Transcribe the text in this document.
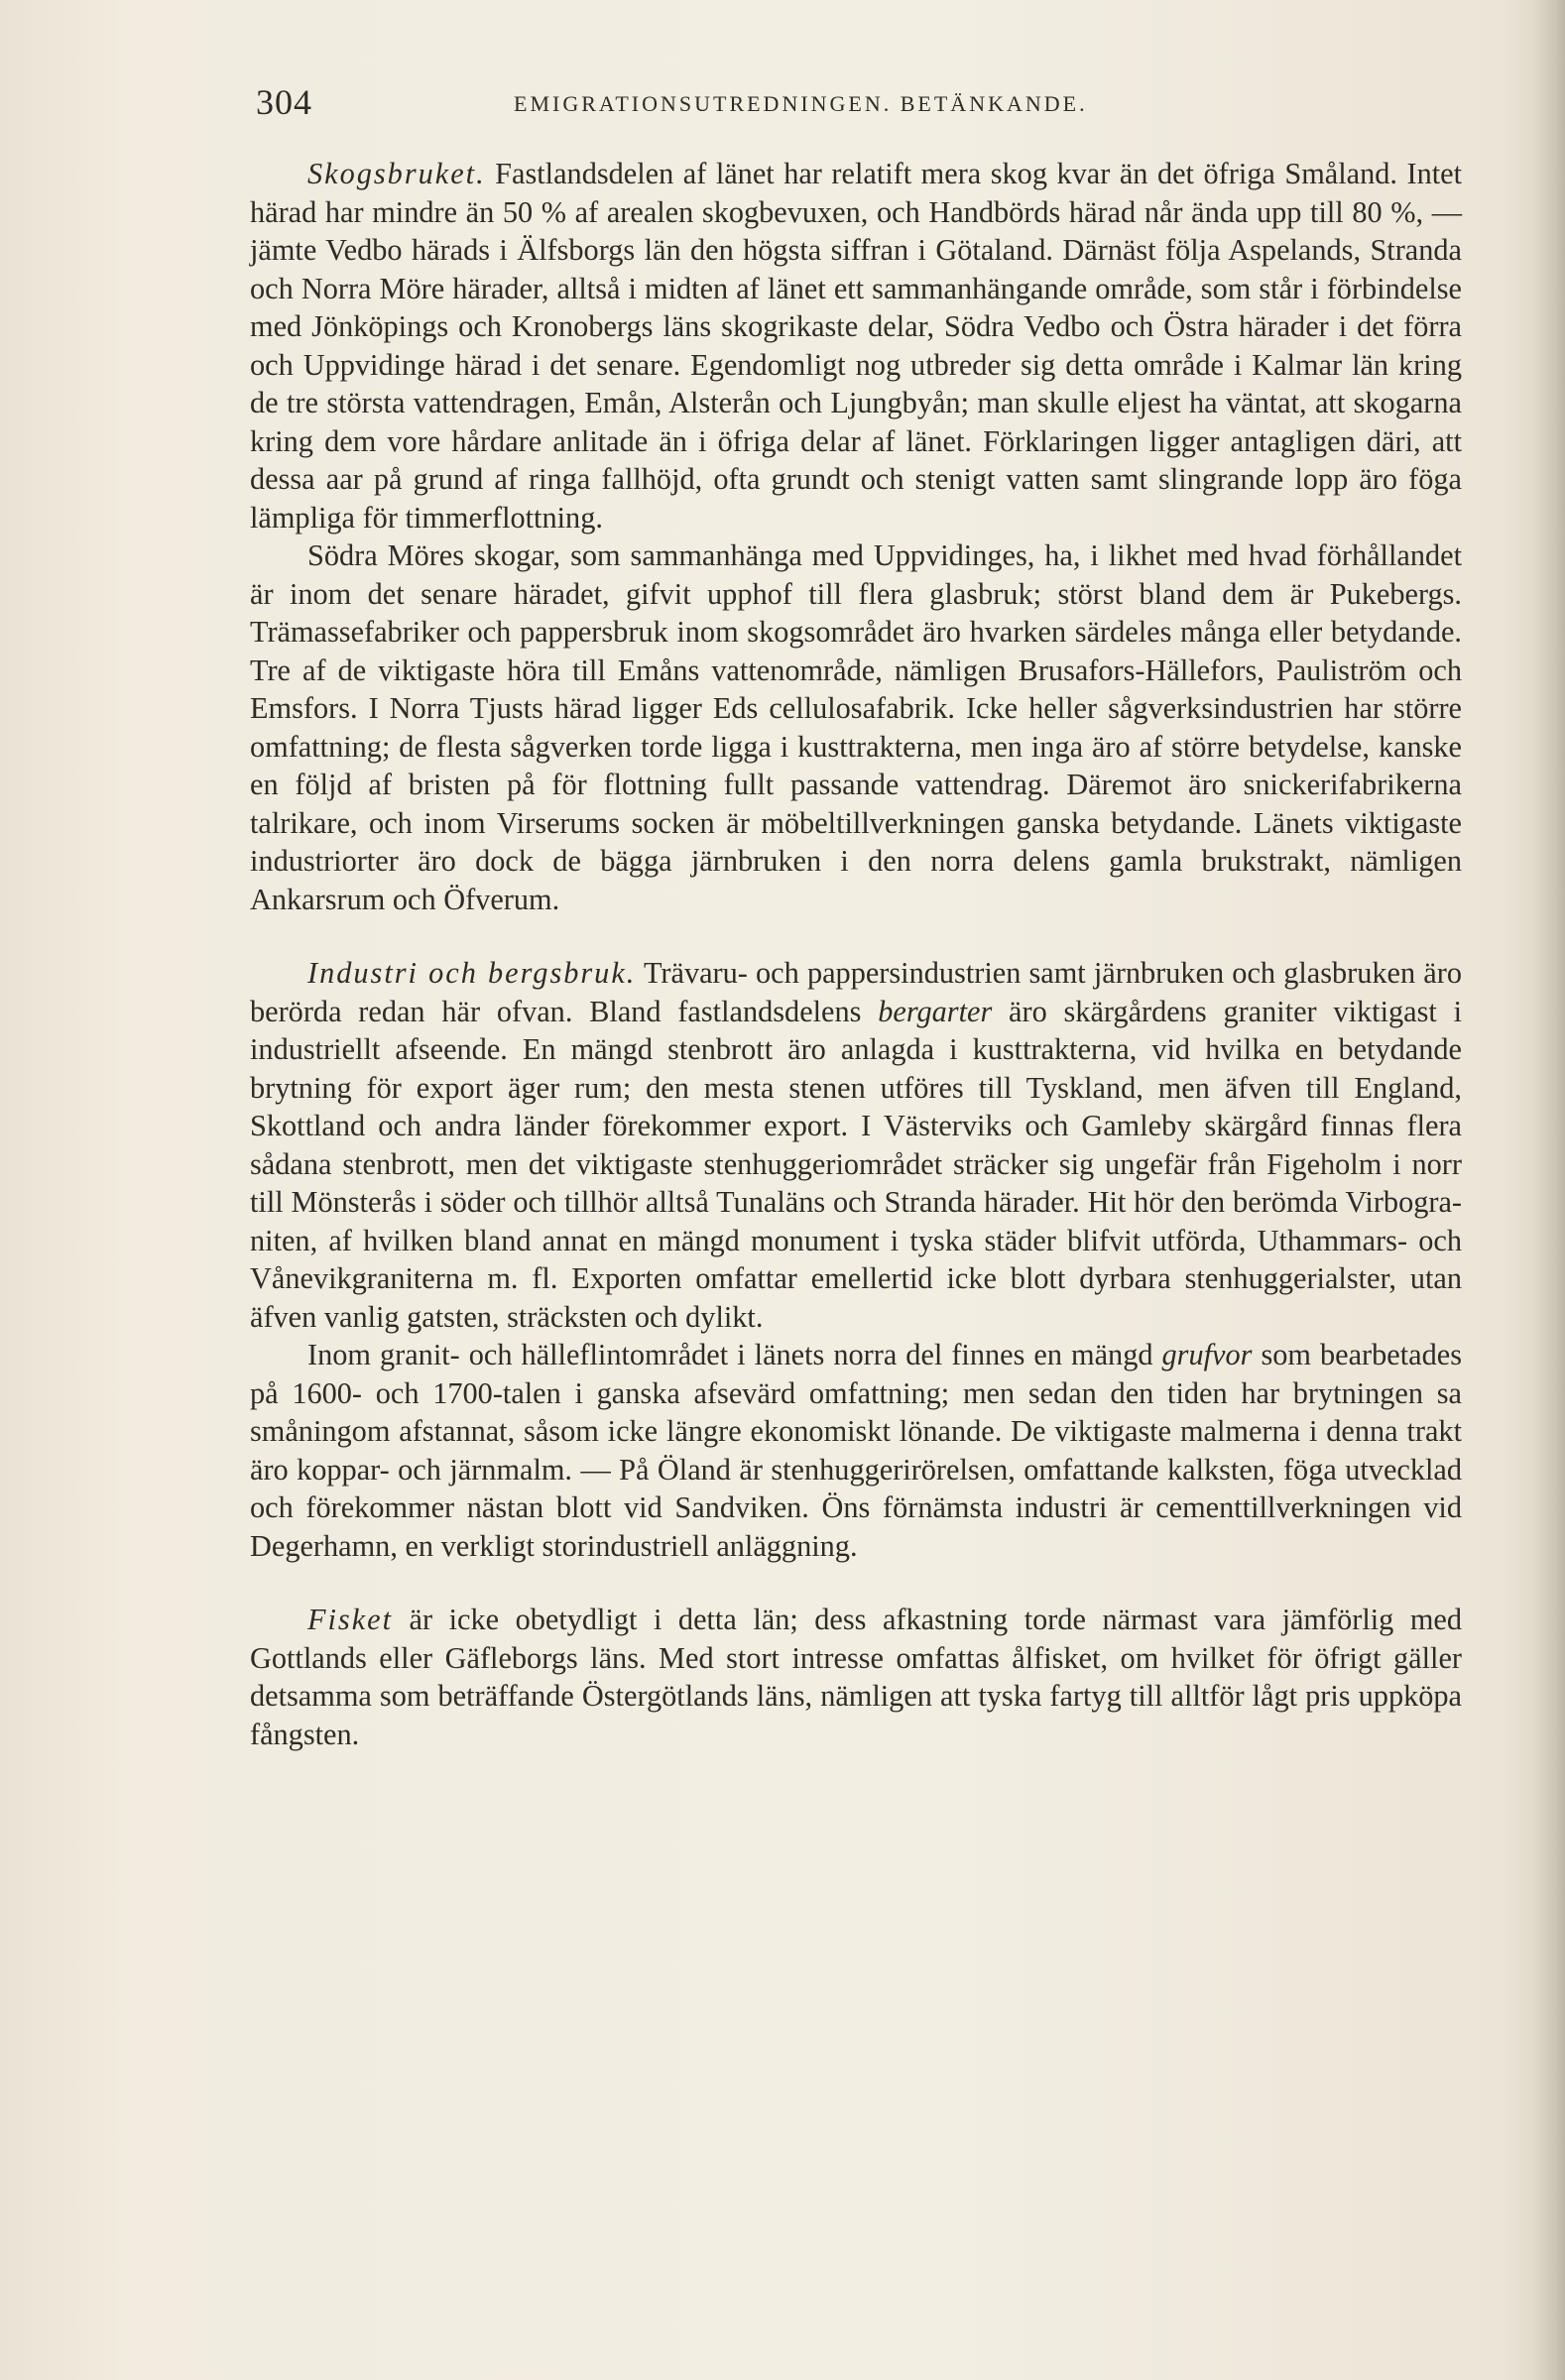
304	EMIGRATIONSUTREDNINGEN. BETÄNKANDE.

Skogsbruket. Fastlandsdelen af länet har relatift mera skog kvar än det öfriga Småland. Intet härad har mindre än 50 % af arealen skogbevuxen, och Handbörds härad når ända upp till 80 %, — jämte Vedbo härads i Älfsborgs län den högsta siffran i Götaland. Därnäst följa Aspelands, Stranda och Norra Möre härader, alltså i midten af länet ett sammanhängande område, som står i förbindelse med Jönköpings och Kronobergs läns skogrikaste delar, Södra Vedbo och Östra härader i det förra och Uppvidinge härad i det senare. Egendomligt nog utbreder sig detta område i Kalmar län kring de tre största vattendragen, Emån, Alsterån och Ljungbyån; man skulle eljest ha väntat, att skogarna kring dem vore hårdare anlitade än i öfriga delar af länet. Förklaringen ligger antagligen däri, att dessa aar på grund af ringa fallhöjd, ofta grundt och stenigt vatten samt slingrande lopp äro föga lämpliga för timmerflottning.

Södra Möres skogar, som sammanhänga med Uppvidinges, ha, i likhet med hvad förhållandet är inom det senare häradet, gifvit upphof till flera glasbruk; störst bland dem är Pukebergs. Trämassefabriker och pappersbruk inom skogsområdet äro hvarken särdeles många eller betydande. Tre af de viktigaste höra till Emåns vattenområde, nämligen Brusafors-Hällefors, Pauliström och Emsfors. I Norra Tjusts härad ligger Eds cellulosafabrik. Icke heller sågverksindustrien har större omfattning; de flesta sågverken torde ligga i kusttrakterna, men inga äro af större betydelse, kanske en följd af bristen på för flottning fullt passande vattendrag. Däremot äro snickerifabrikerna talrikare, och inom Virserums socken är möbeltillverkningen ganska betydande. Länets viktigaste industriorter äro dock de bägga järnbruken i den norra delens gamla brukstrakt, nämligen Ankarsrum och Öfverum.

Industri och bergsbruk. Trävaru- och pappersindustrien samt järnbruken och glasbruken äro berörda redan här ofvan. Bland fastlandsdelens bergarter äro skärgårdens graniter viktigast i industriellt afseende. En mängd stenbrott äro anlagda i kusttrakterna, vid hvilka en betydande brytning för export äger rum; den mesta stenen utföres till Tyskland, men äfven till England, Skottland och andra länder förekommer export. I Västerviks och Gamleby skärgård finnas flera sådana stenbrott, men det viktigaste stenhuggeriområdet sträcker sig ungefär från Figeholm i norr till Mönsterås i söder och tillhör alltså Tunaläns och Stranda härader. Hit hör den berömda Virbograniten, af hvilken bland annat en mängd monument i tyska städer blifvit utförda, Uthammars- och Vånevikgraniterna m. fl. Exporten omfattar emellertid icke blott dyrbara stenhuggerialster, utan äfven vanlig gatsten, sträcksten och dylikt.

Inom granit- och hälleflintområdet i länets norra del finnes en mängd grufvor som bearbetades på 1600- och 1700-talen i ganska afsevärd omfattning; men sedan den tiden har brytningen sa småningom afstannat, såsom icke längre ekonomiskt lönande. De viktigaste malmerna i denna trakt äro koppar- och järnmalm. — På Öland är stenhuggerirörelsen, omfattande kalksten, föga utvecklad och förekommer nästan blott vid Sandviken. Öns förnämsta industri är cementtillverkningen vid Degerhamn, en verkligt storindustriell anläggning.

Fisket är icke obetydligt i detta län; dess afkastning torde närmast vara jämförlig med Gottlands eller Gäfleborgs läns. Med stort intresse omfattas ålfisket, om hvilket för öfrigt gäller detsamma som beträffande Östergötlands läns, nämligen att tyska fartyg till alltför lågt pris uppköpa fångsten.
